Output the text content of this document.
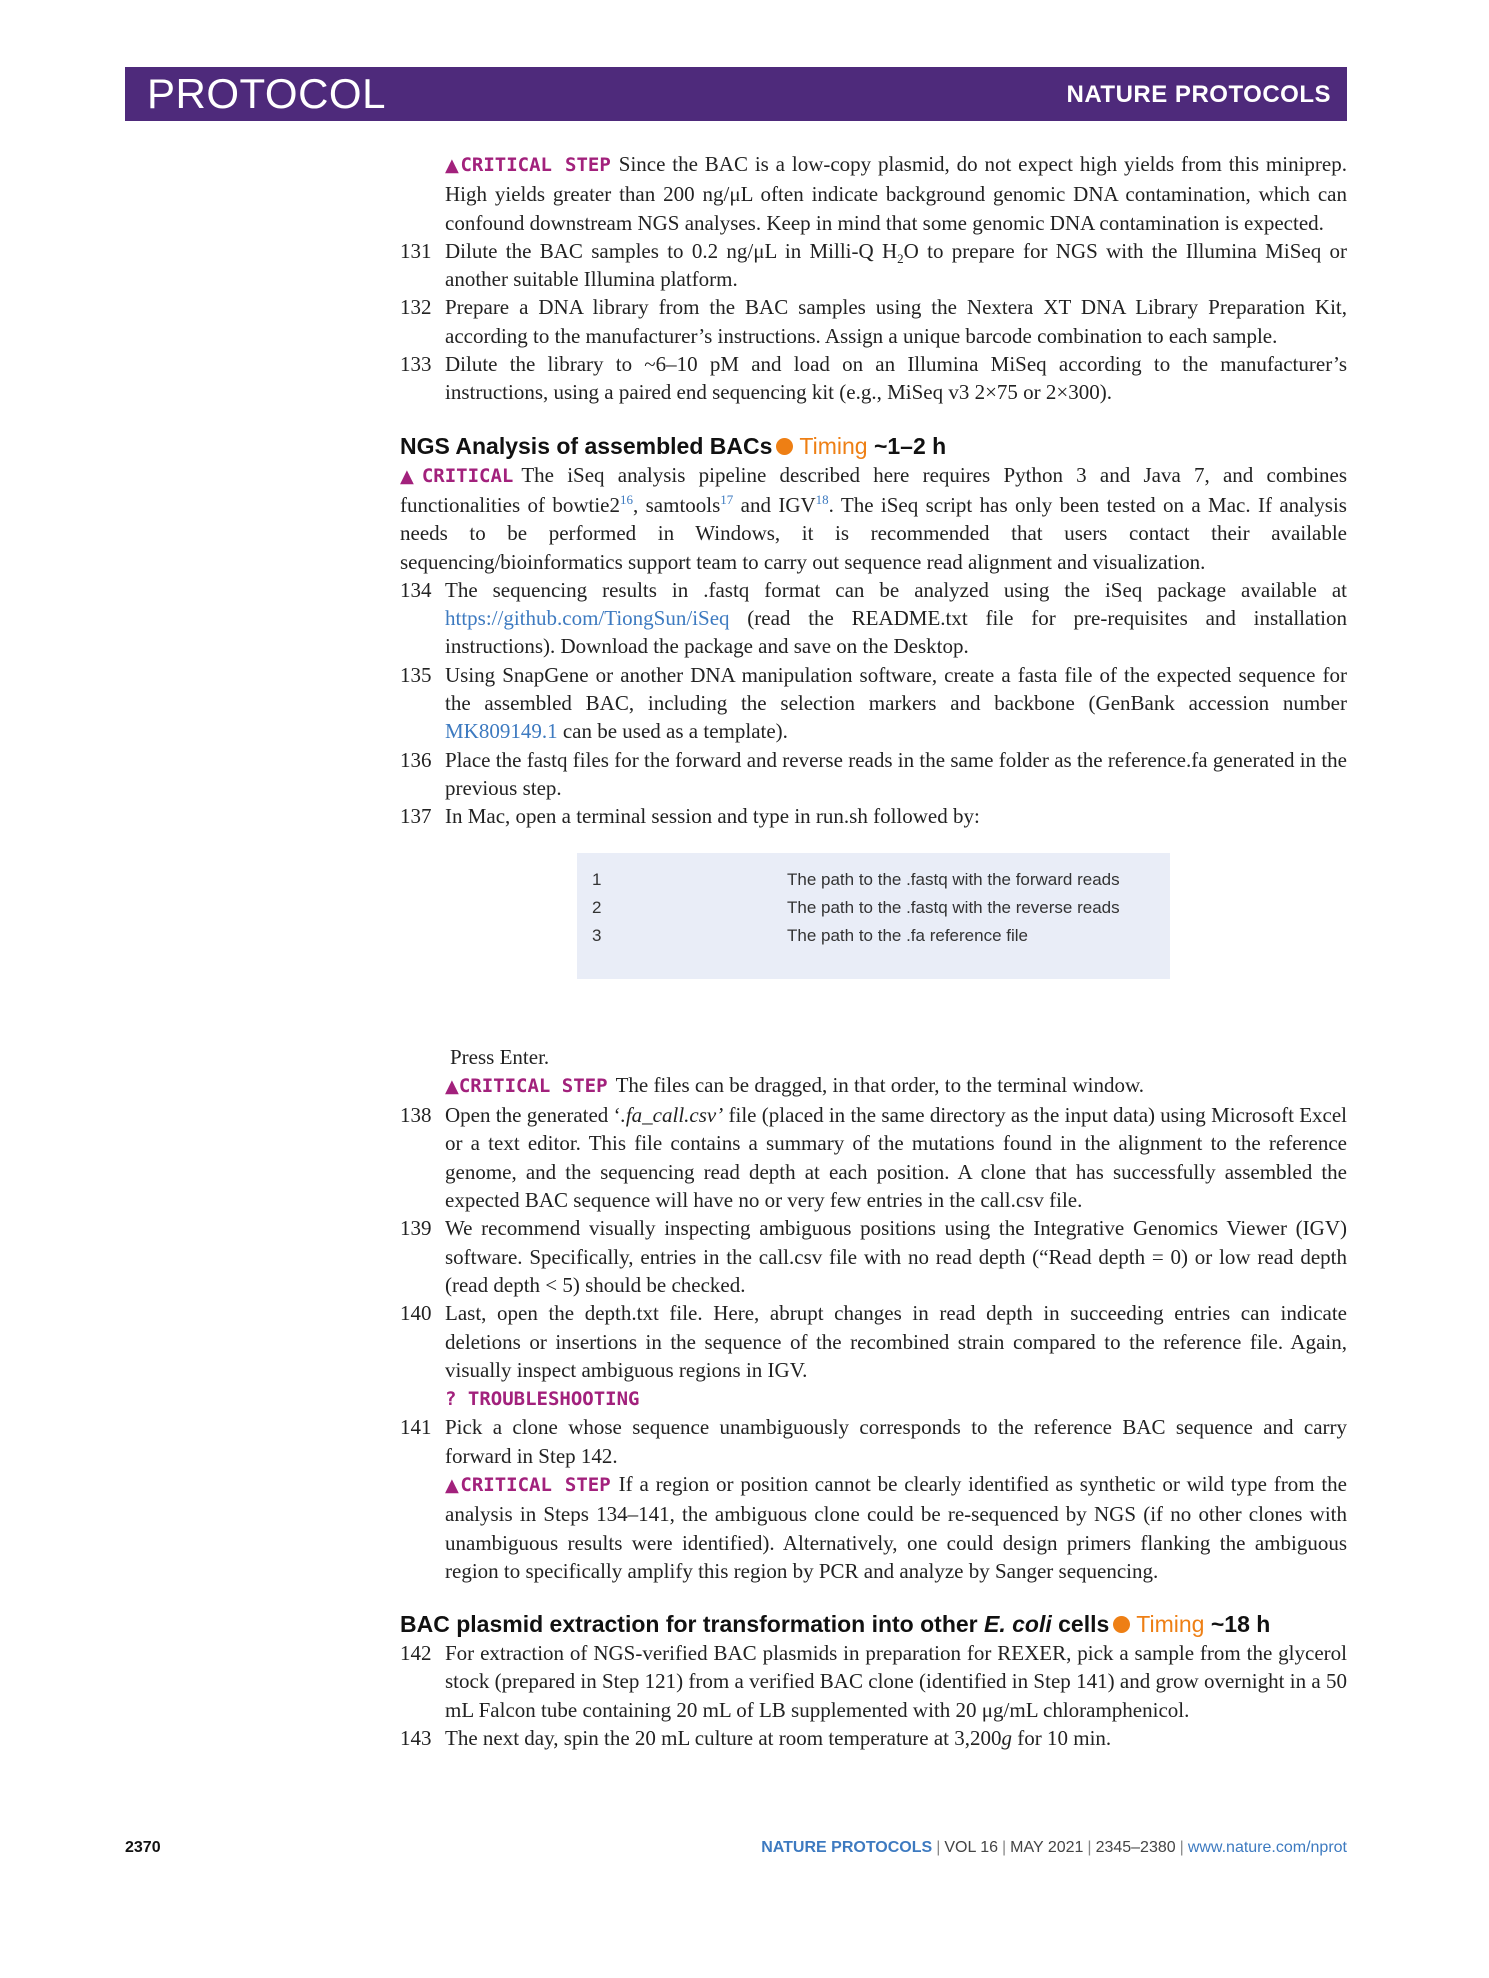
PROTOCOL	NATURE PROTOCOLS
▲CRITICAL STEP Since the BAC is a low-copy plasmid, do not expect high yields from this miniprep. High yields greater than 200 ng/μL often indicate background genomic DNA contamination, which can confound downstream NGS analyses. Keep in mind that some genomic DNA contamination is expected.
131 Dilute the BAC samples to 0.2 ng/μL in Milli-Q $H_2O$ to prepare for NGS with the Illumina MiSeq or another suitable Illumina platform.
132 Prepare a DNA library from the BAC samples using the Nextera XT DNA Library Preparation Kit, according to the manufacturer’s instructions. Assign a unique barcode combination to each sample.
133 Dilute the library to ~6–10 pM and load on an Illumina MiSeq according to the manufacturer’s instructions, using a paired end sequencing kit (e.g., MiSeq v3 2×75 or 2×300).
NGS Analysis of assembled BACs Timing ~1–2 h
▲CRITICAL The iSeq analysis pipeline described here requires Python 3 and Java 7, and combines functionalities of $bowtie2^{16}$, samtools$^{17}$ and IGV$^{18}$. The iSeq script has only been tested on a Mac. If analysis needs to be performed in Windows, it is recommended that users contact their available sequencing/bioinformatics support team to carry out sequence read alignment and visualization.
134 The sequencing results in .fastq format can be analyzed using the iSeq package available at https://github.com/TiongSun/iSeq (read the README.txt file for pre-requisites and installation instructions). Download the package and save on the Desktop.
135 Using SnapGene or another DNA manipulation software, create a fasta file of the expected sequence for the assembled BAC, including the selection markers and backbone (GenBank accession number MK809149.1 can be used as a template).
136 Place the fastq files for the forward and reverse reads in the same folder as the reference.fa generated in the previous step.
137 In Mac, open a terminal session and type in run.sh followed by:
1	The path to the .fastq with the forward reads
2	The path to the .fastq with the reverse reads
3	The path to the .fa reference file
Press Enter.
▲CRITICAL STEP The files can be dragged, in that order, to the terminal window.
138 Open the generated ‘.fa_call.csv’ file (placed in the same directory as the input data) using Microsoft Excel or a text editor. This file contains a summary of the mutations found in the alignment to the reference genome, and the sequencing read depth at each position. A clone that has successfully assembled the expected BAC sequence will have no or very few entries in the call.csv file.
139 We recommend visually inspecting ambiguous positions using the Integrative Genomics Viewer (IGV) software. Specifically, entries in the call.csv file with no read depth (“Read depth = 0) or low read depth (read depth < 5) should be checked.
140 Last, open the depth.txt file. Here, abrupt changes in read depth in succeeding entries can indicate deletions or insertions in the sequence of the recombined strain compared to the reference file. Again, visually inspect ambiguous regions in IGV.
? TROUBLESHOOTING
141 Pick a clone whose sequence unambiguously corresponds to the reference BAC sequence and carry forward in Step 142.
▲CRITICAL STEP If a region or position cannot be clearly identified as synthetic or wild type from the analysis in Steps 134–141, the ambiguous clone could be re-sequenced by NGS (if no other clones with unambiguous results were identified). Alternatively, one could design primers flanking the ambiguous region to specifically amplify this region by PCR and analyze by Sanger sequencing.
BAC plasmid extraction for transformation into other E. coli cells Timing ~18 h
142 For extraction of NGS-verified BAC plasmids in preparation for REXER, pick a sample from the glycerol stock (prepared in Step 121) from a verified BAC clone (identified in Step 141) and grow overnight in a 50 mL Falcon tube containing 20 mL of LB supplemented with 20 μg/mL chloramphenicol.
143 The next day, spin the 20 mL culture at room temperature at 3,200g for 10 min.
2370	NATURE PROTOCOLS | VOL 16 | MAY 2021 | 2345–2380 | www.nature.com/nprot
